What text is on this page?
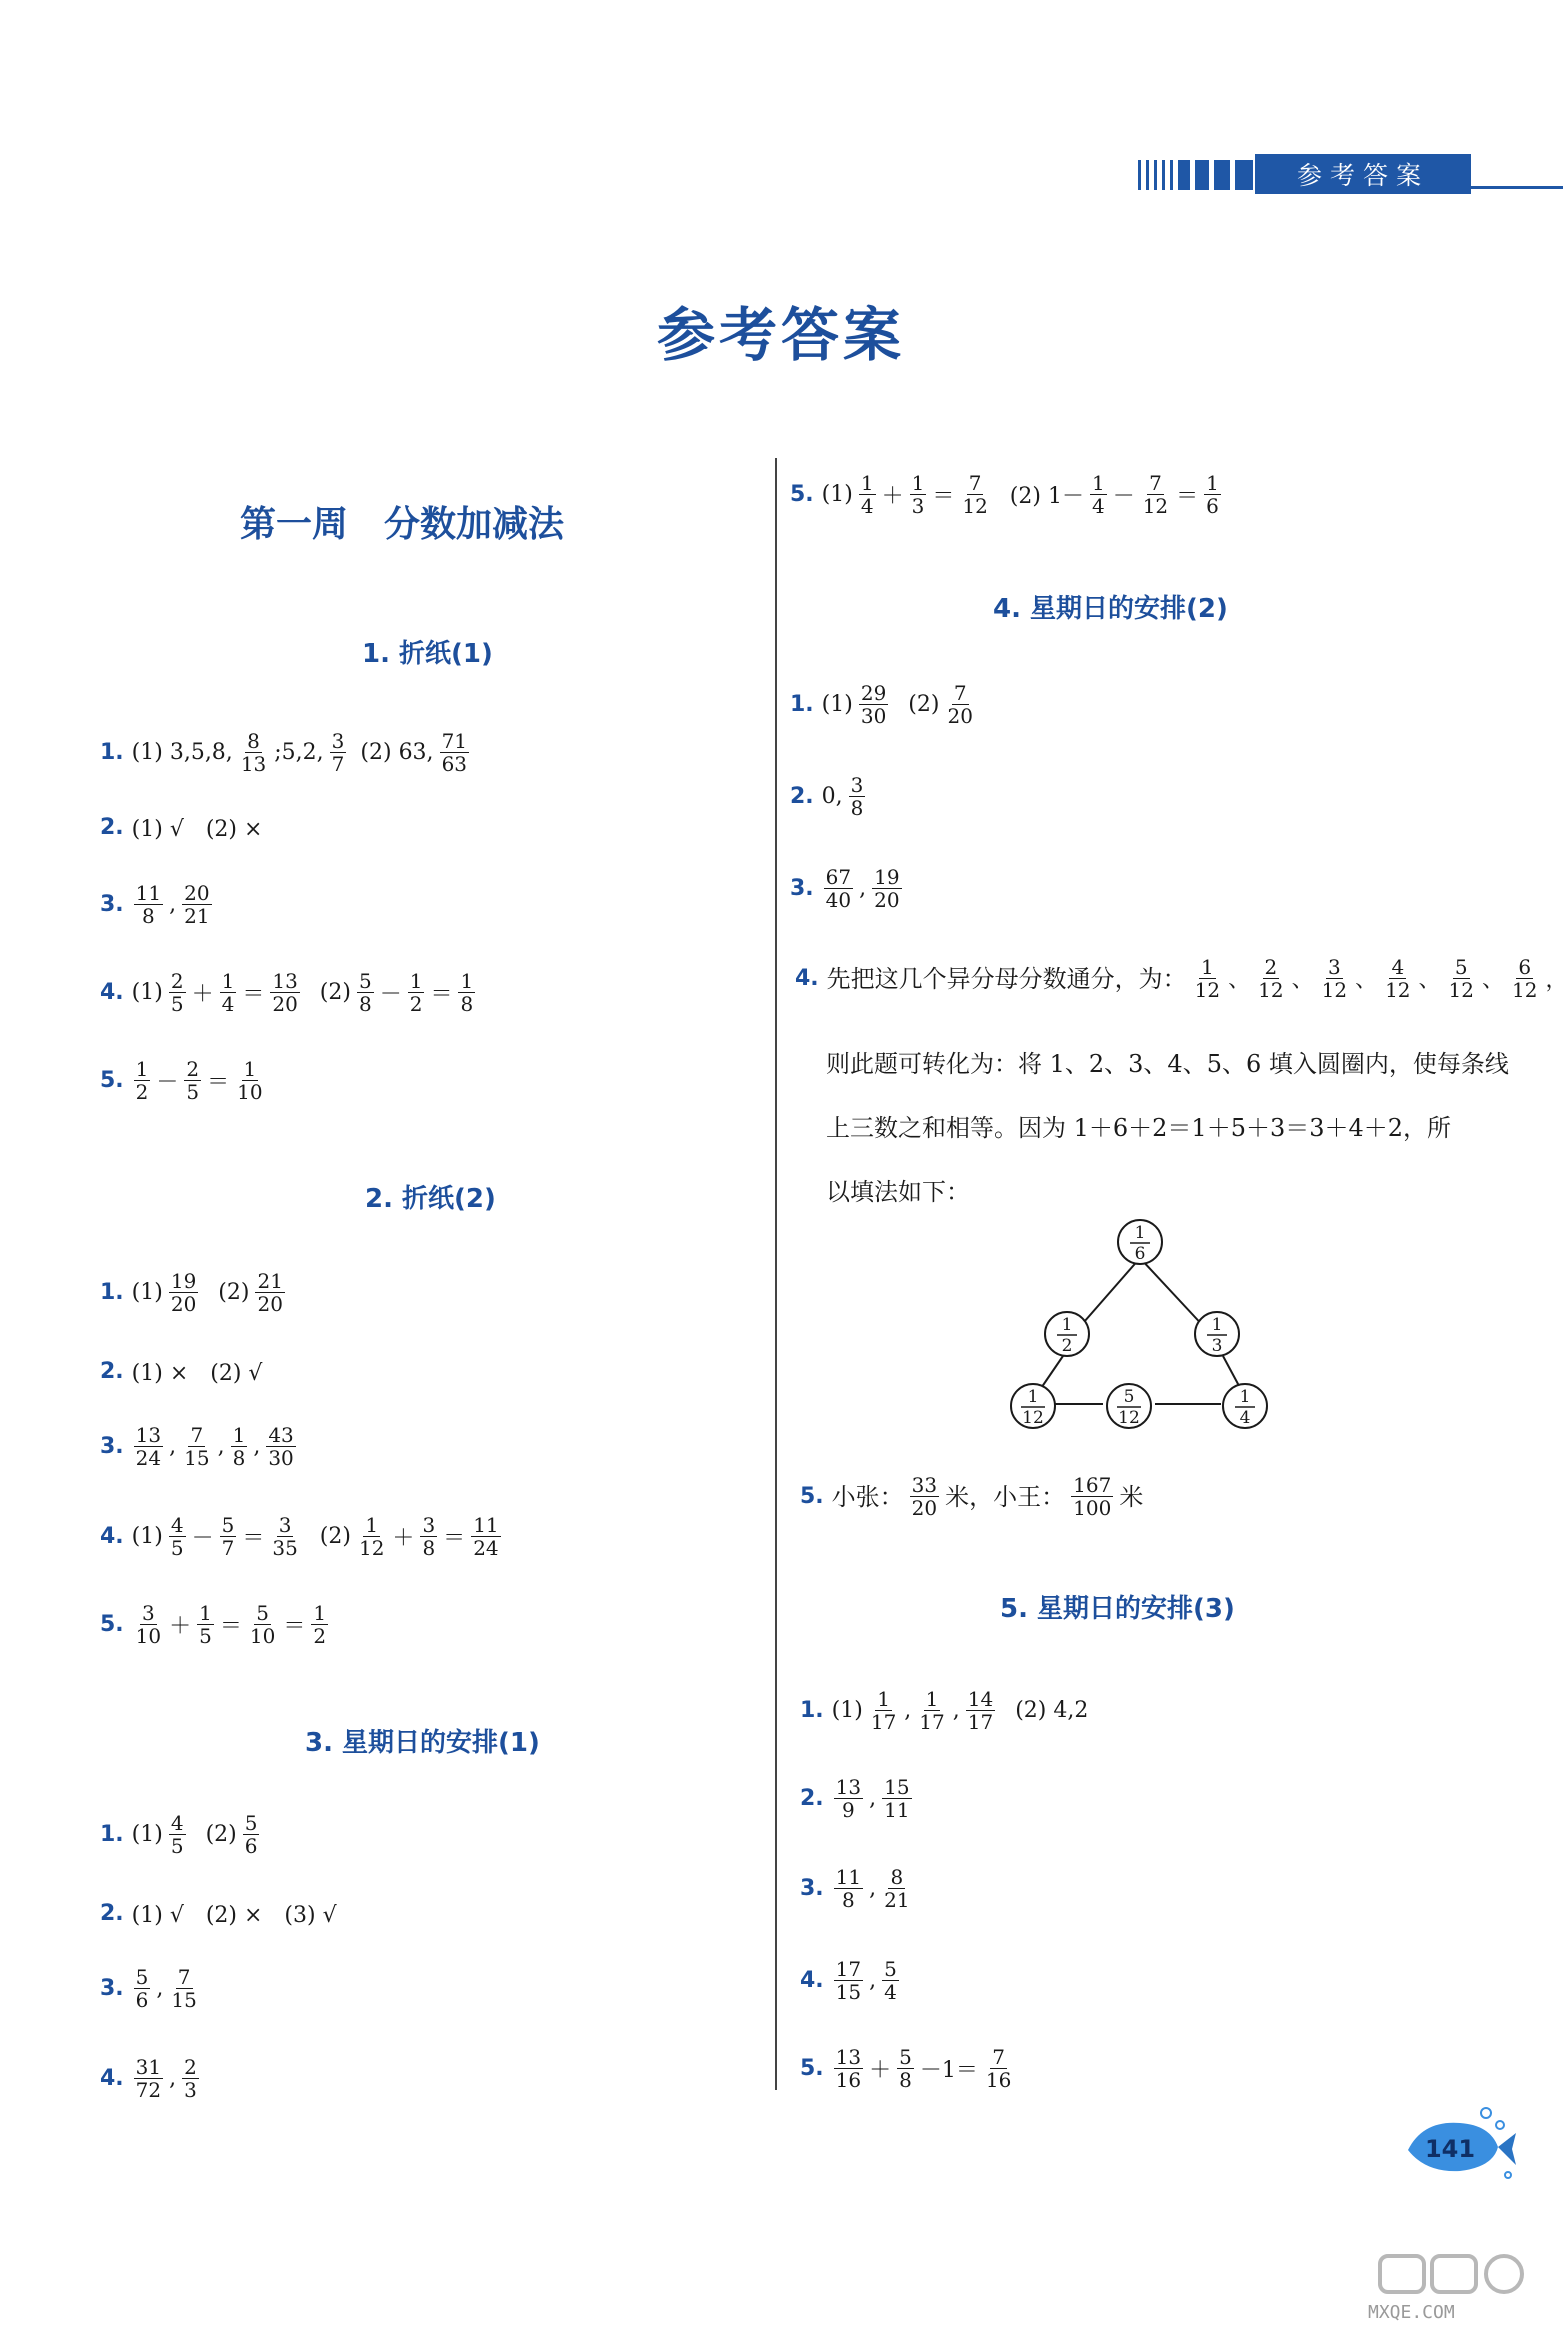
参考答案
参考答案
第一周　分数加减法
1. 折纸(1)
1. (1) 3,5,8, 8
13 ;5,2, 3
7 (2) 63, 71
63
2. (1) √　(2) ×
3. 11
8 , 20
21
4. (1) 2
5 ＋
1
4 ＝
13
20 (2) 5
8 －
1
2 ＝
1
8
5. 1
2 －
2
5 ＝
1
10
2. 折纸(2)
1. (1) 19
20 (2) 21
20
2. (1) ×　(2) √
3. 13
24 , 7
15 , 1
8 , 43
30
4. (1) 4
5 －
5
7 ＝
3
35 (2) 1
12 ＋
3
8 ＝
11
24
5. 3
10 ＋
1
5 ＝
5
10 ＝
1
2
3. 星期日的安排(1)
1. (1) 4
5 (2) 5
6
2. (1) √　(2) ×　(3) √
3. 5
6 , 7
15
4. 31
72 , 2
3
5. (1) 1
4 ＋
1
3 ＝
7
12 (2) 1－
1
4 －
7
12 ＝
1
6
4. 星期日的安排(2)
1. (1) 29
30 (2) 7
20
2. 0, 3
8
3. 67
40 , 19
20
4. 先把这几个异分母分数通分，为： 1
12 、
2
12 、
3
12 、
4
12 、
5
12 、
6
12 ，
则此题可转化为：将 1、2、3、4、5、6 填入圆圈内，使每条线
上三数之和相等。因为 1＋6＋2＝1＋5＋3＝3＋4＋2，所
以填法如下：
1
6
1
2
1
3
1
12
5
12
1
4
5. 小张： 33
20 米，小王： 167
100 米
5. 星期日的安排(3)
1. (1) 1
17 , 1
17 , 14
17 (2) 4,2
2. 13
9 , 15
11
3. 11
8 , 8
21
4. 17
15 , 5
4
5. 13
16 ＋
5
8 －1＝
7
16
141
MXQE.COM
